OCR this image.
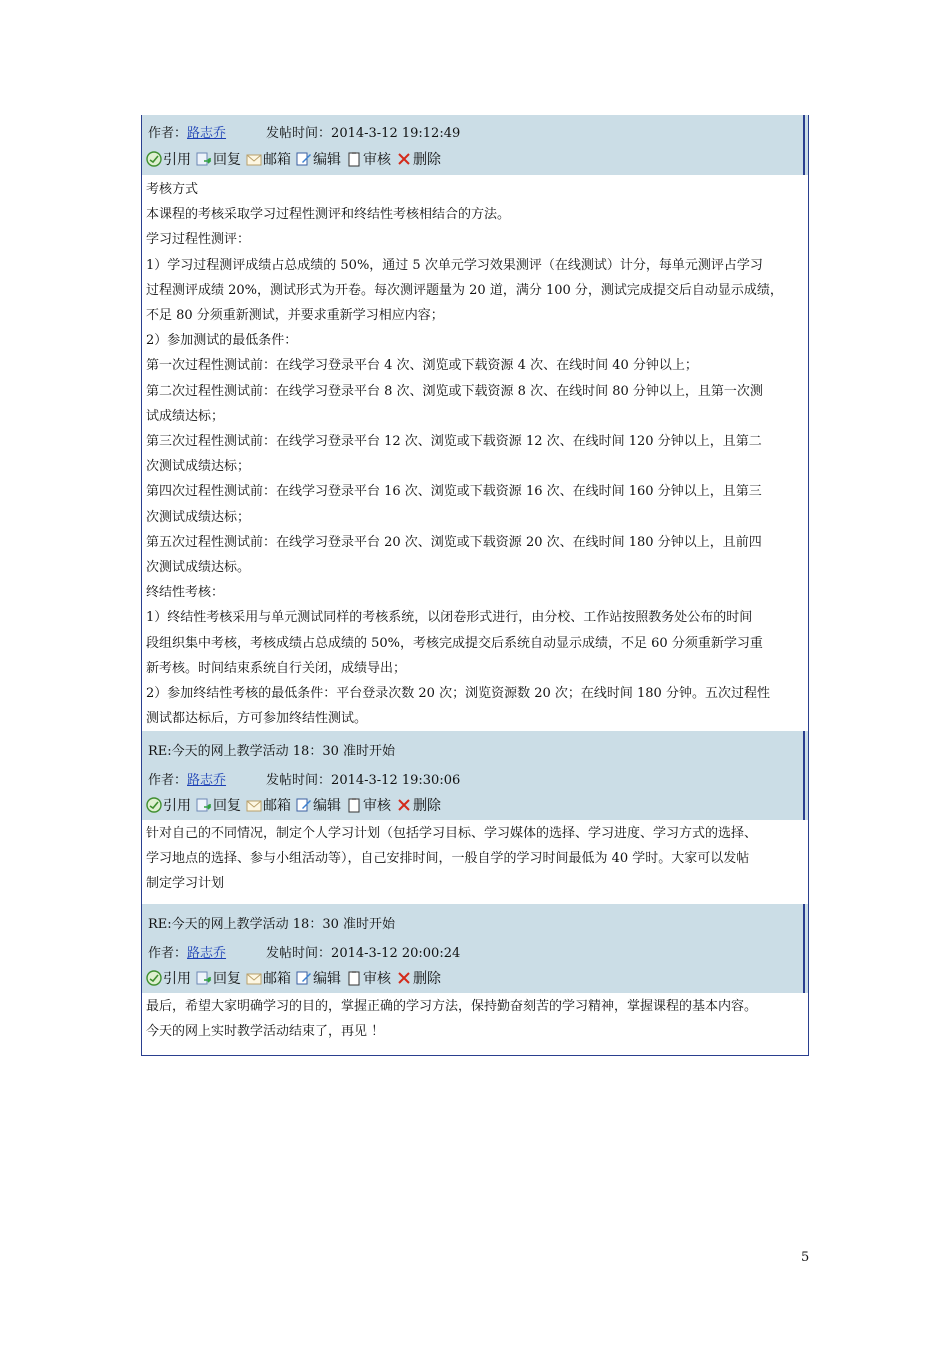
作者：路志乔	发帖时间：2014-3-12 19:12:49
引用 回复 邮箱 编辑 审核 删除

考核方式

本课程的考核采取学习过程性测评和终结性考核相结合的方法。

学习过程性测评：

1）学习过程测评成绩占总成绩的 50%，通过 5 次单元学习效果测评（在线测试）计分，每单元测评占学习

过程测评成绩 20%，测试形式为开卷。每次测评题量为 20 道，满分 100 分，测试完成提交后自动显示成绩，

不足 80 分须重新测试，并要求重新学习相应内容；

2）参加测试的最低条件：

第一次过程性测试前：在线学习登录平台 4 次、浏览或下载资源 4 次、在线时间 40 分钟以上；

第二次过程性测试前：在线学习登录平台 8 次、浏览或下载资源 8 次、在线时间 80 分钟以上，且第一次测

试成绩达标；

第三次过程性测试前：在线学习登录平台 12 次、浏览或下载资源 12 次、在线时间 120 分钟以上，且第二

次测试成绩达标；

第四次过程性测试前：在线学习登录平台 16 次、浏览或下载资源 16 次、在线时间 160 分钟以上，且第三

次测试成绩达标；

第五次过程性测试前：在线学习登录平台 20 次、浏览或下载资源 20 次、在线时间 180 分钟以上，且前四

次测试成绩达标。

终结性考核：

1）终结性考核采用与单元测试同样的考核系统，以闭卷形式进行，由分校、工作站按照教务处公布的时间

段组织集中考核，考核成绩占总成绩的 50%，考核完成提交后系统自动显示成绩，不足 60 分须重新学习重

新考核。时间结束系统自行关闭，成绩导出；

2）参加终结性考核的最低条件：平台登录次数 20 次；浏览资源数 20 次；在线时间 180 分钟。五次过程性

测试都达标后，方可参加终结性测试。

RE:今天的网上教学活动 18：30 准时开始
作者：路志乔	发帖时间：2014-3-12 19:30:06
引用 回复 邮箱 编辑 审核 删除

针对自己的不同情况，制定个人学习计划（包括学习目标、学习媒体的选择、学习进度、学习方式的选择、

学习地点的选择、参与小组活动等），自己安排时间，一般自学的学习时间最低为 40 学时。大家可以发帖

制定学习计划

RE:今天的网上教学活动 18：30 准时开始
作者：路志乔	发帖时间：2014-3-12 20:00:24
引用 回复 邮箱 编辑 审核 删除

最后，希望大家明确学习的目的，掌握正确的学习方法，保持勤奋刻苦的学习精神，掌握课程的基本内容。

今天的网上实时教学活动结束了，再见 ！

5
